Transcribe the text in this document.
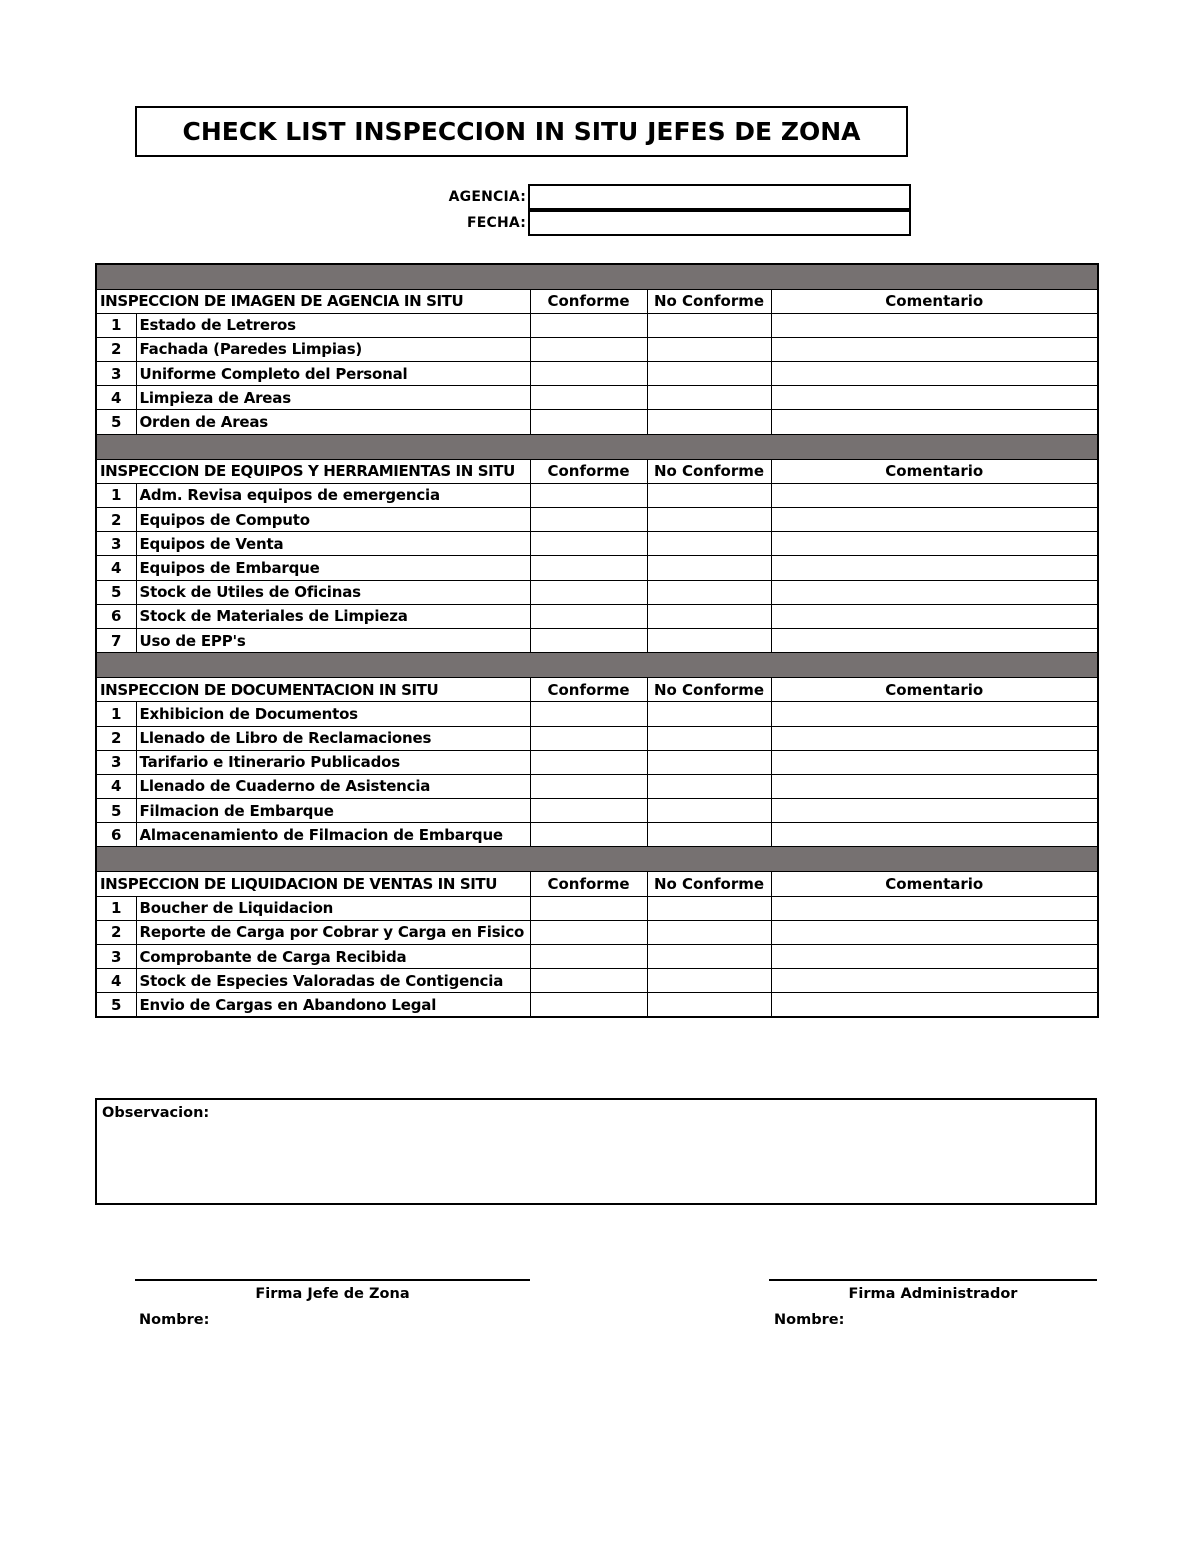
CHECK LIST INSPECCION IN SITU JEFES DE ZONA
AGENCIA:
FECHA:

INSPECCION DE IMAGEN DE AGENCIA IN SITU		Conforme	No Conforme	Comentario
1	Estado de Letreros			
2	Fachada (Paredes Limpias)			
3	Uniforme Completo del Personal			
4	Limpieza de Areas			
5	Orden de Areas			

INSPECCION DE EQUIPOS Y HERRAMIENTAS IN SITU		Conforme	No Conforme	Comentario
1	Adm. Revisa equipos de emergencia			
2	Equipos de Computo			
3	Equipos de Venta			
4	Equipos de Embarque			
5	Stock de Utiles de Oficinas			
6	Stock de Materiales de Limpieza			
7	Uso de EPP's			

INSPECCION DE DOCUMENTACION IN SITU		Conforme	No Conforme	Comentario
1	Exhibicion de Documentos			
2	Llenado de Libro de Reclamaciones			
3	Tarifario e Itinerario Publicados			
4	Llenado de Cuaderno de Asistencia			
5	Filmacion de Embarque			
6	Almacenamiento de Filmacion de Embarque			

INSPECCION DE LIQUIDACION DE VENTAS IN SITU		Conforme	No Conforme	Comentario
1	Boucher de Liquidacion			
2	Reporte de Carga por Cobrar y Carga en Fisico			
3	Comprobante de Carga Recibida			
4	Stock de Especies Valoradas de Contigencia			
5	Envio de Cargas en Abandono Legal			
Observacion:
Firma Jefe de Zona
Nombre:
Firma Administrador
Nombre:
